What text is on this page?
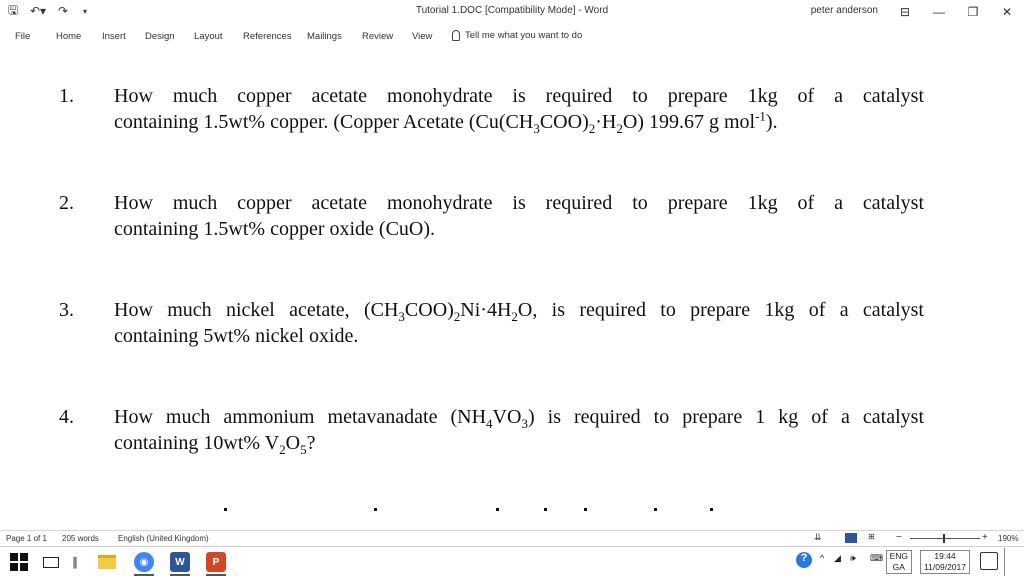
🖫 ↶▾ ↷	▾	Tutorial 1.DOC [Compatibility Mode] - Word	peter anderson	⊟	—	❐	✕
File	Home Insert Design Layout References Mailings Review View	Tell me what you want to do
1. How much copper acetate monohydrate is required to prepare 1kg of a catalyst
containing 1.5wt% copper. (Copper Acetate $(Cu(CH_3COO)_2\cdot H_2O)$ 199.67 g mol$^{-1}$).
2. How much copper acetate monohydrate is required to prepare 1kg of a catalyst
containing 1.5wt% copper oxide (CuO).
3. How much nickel acetate, $(CH_3COO)_2Ni\cdot 4H_2O$, is required to prepare 1kg of a catalyst
containing 5wt% nickel oxide.
4. How much ammonium metavanadate $(NH_4VO_3)$ is required to prepare 1 kg of a catalyst
containing 10wt% $V_2O_5$?
Page 1 of 1 205 words English (United Kingdom)	⇊	⊞	−	+ 190%
∥	◉	W	P	?	^ ◢ 🕪 ⌨ ENG
GA
19:44
11/09/2017
